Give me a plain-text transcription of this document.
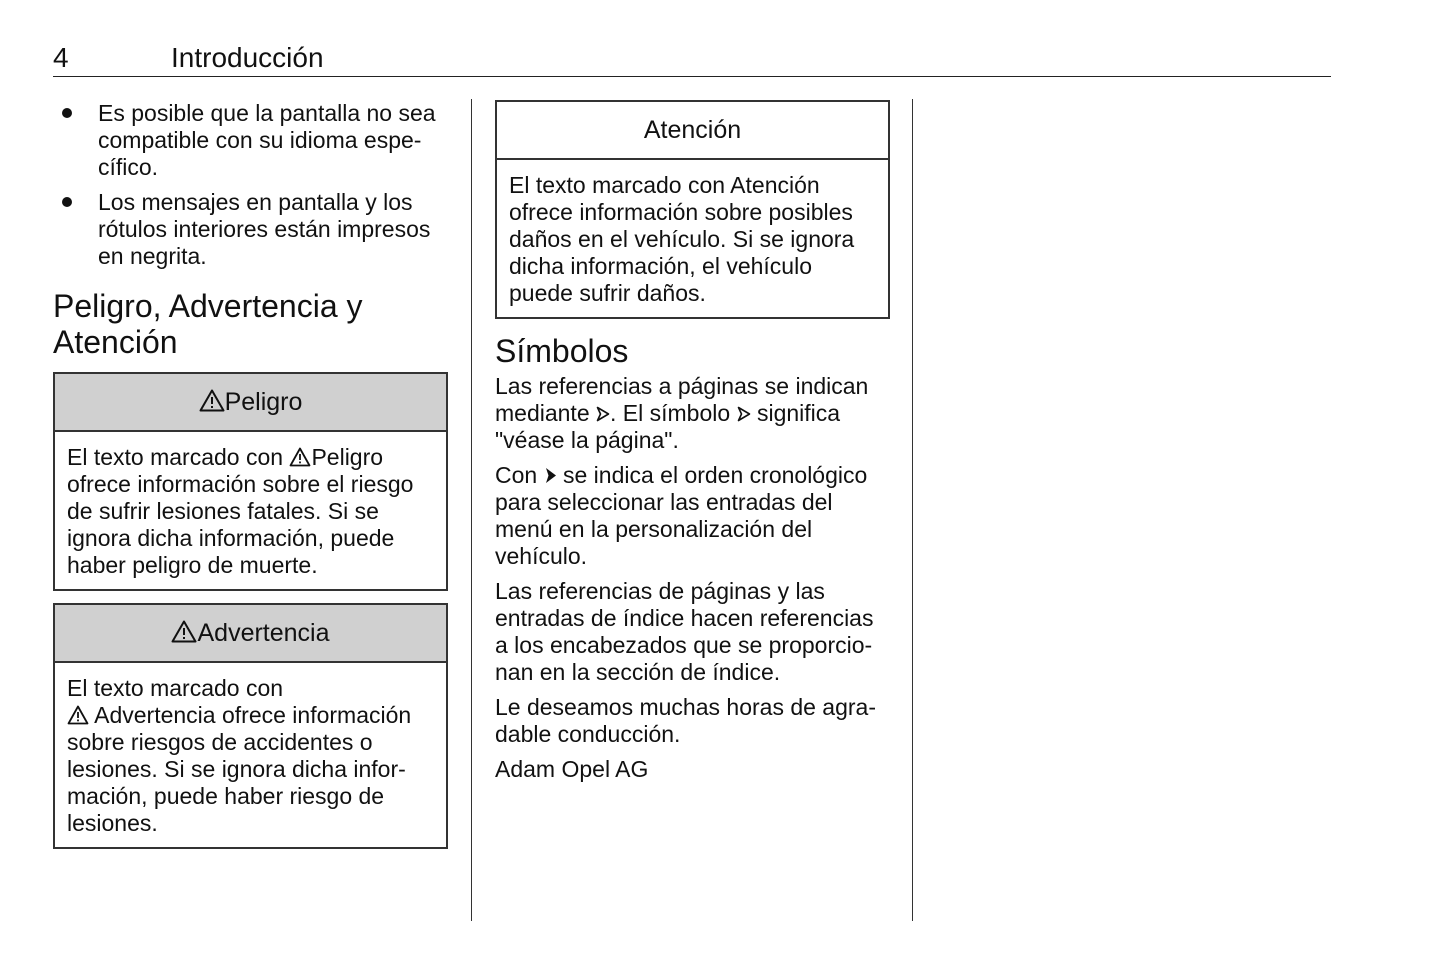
4	Introducción
Es posible que la pantalla no sea compatible con su idioma espe-cífico.
Los mensajes en pantalla y los rótulos interiores están impresos en negrita.
Peligro, Advertencia y
Atención
Peligro
El texto marcado con Peligro ofrece información sobre el riesgo de sufrir lesiones fatales. Si se ignora dicha información, puede haber peligro de muerte.
Advertencia
El texto marcado con
Advertencia ofrece información sobre riesgos de accidentes o lesiones. Si se ignora dicha infor-mación, puede haber riesgo de lesiones.
Atención
El texto marcado con Atención ofrece información sobre posibles daños en el vehículo. Si se ignora dicha información, el vehículo puede sufrir daños.
Símbolos

Las referencias a páginas se indican mediante . El símbolo  significa "véase la página".

Con  se indica el orden cronológico para seleccionar las entradas del menú en la personalización del vehículo.

Las referencias de páginas y las entradas de índice hacen referencias a los encabezados que se proporcio-nan en la sección de índice.

Le deseamos muchas horas de agra-dable conducción.

Adam Opel AG
